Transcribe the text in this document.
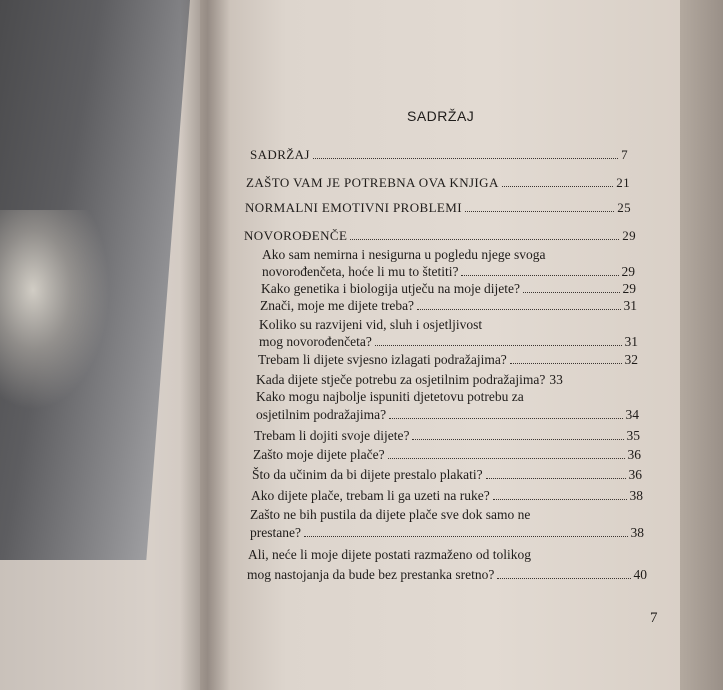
SADRŽAJ
SADRŽAJ	7
ZAŠTO VAM JE POTREBNA OVA KNJIGA	21
NORMALNI EMOTIVNI PROBLEMI	25
NOVOROĐENČE	29
Ako sam nemirna i nesigurna u pogledu njege svoga
novorođenčeta, hoće li mu to štetiti?	29
Kako genetika i biologija utječu na moje dijete?	29
Znači, moje me dijete treba?	31
Koliko su razvijeni vid, sluh i osjetljivost
mog novorođenčeta?	31
Trebam li dijete svjesno izlagati podražajima?	32
Kada dijete stječe potrebu za osjetilnim podražajima? 33
Kako mogu najbolje ispuniti djetetovu potrebu za
osjetilnim podražajima?	34
Trebam li dojiti svoje dijete?	35
Zašto moje dijete plače?	36
Što da učinim da bi dijete prestalo plakati?	36
Ako dijete plače, trebam li ga uzeti na ruke?	38
Zašto ne bih pustila da dijete plače sve dok samo ne
prestane?	38
Ali, neće li moje dijete postati razmaženo od tolikog
mog nastojanja da bude bez prestanka sretno?	40
7
